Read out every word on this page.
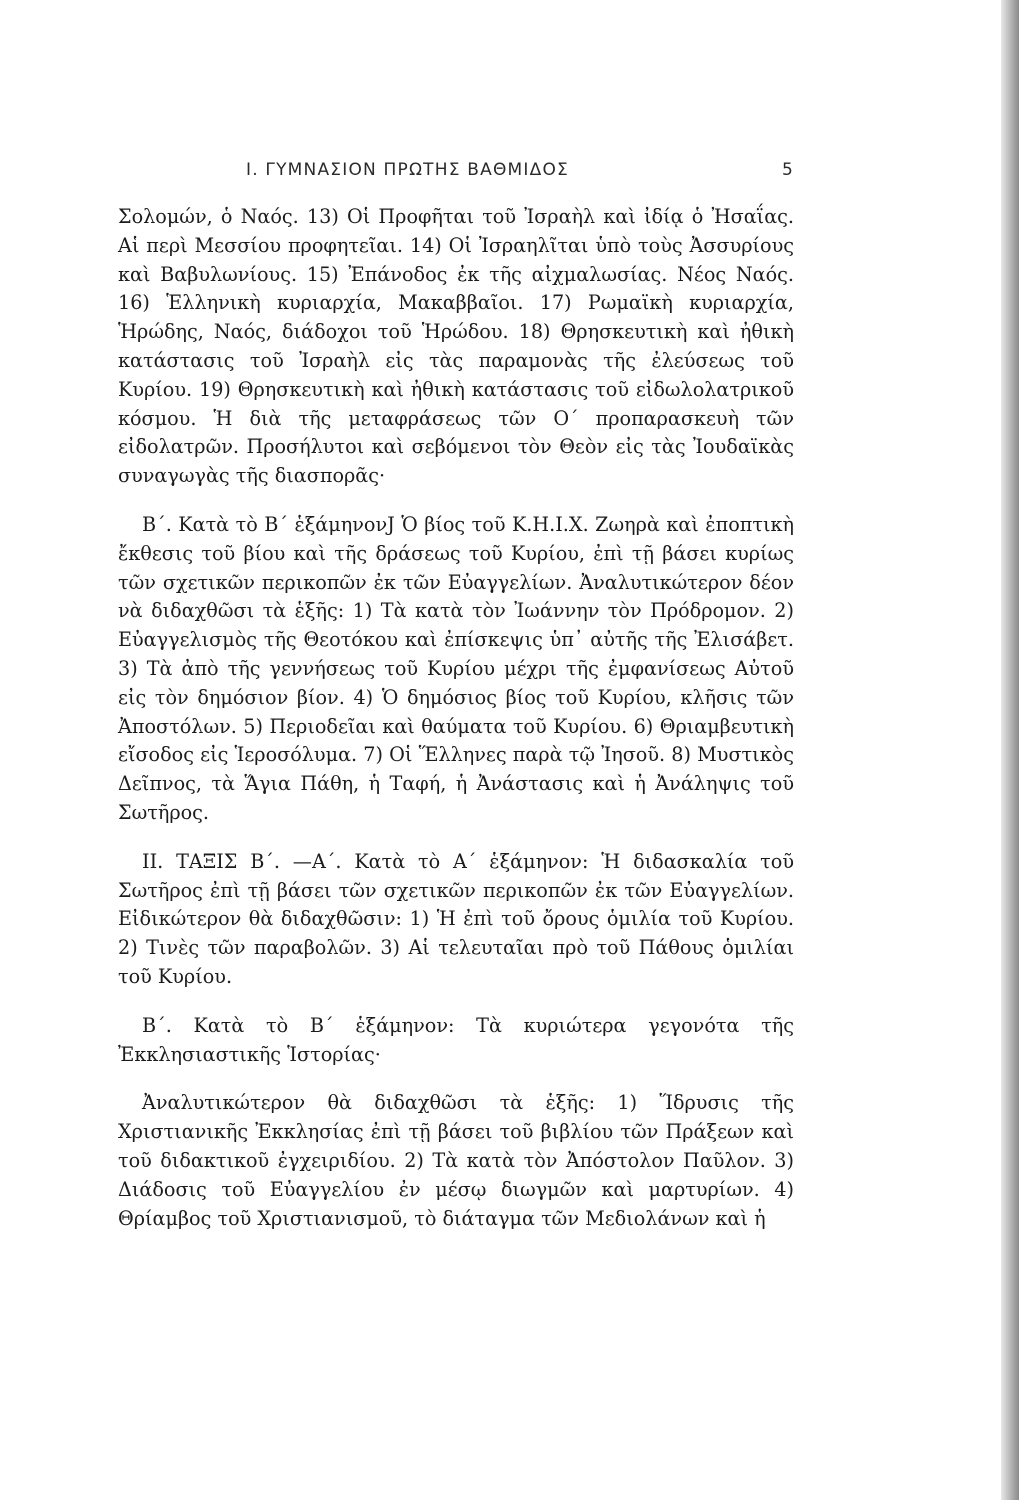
Ι. ΓΥΜΝΑΣΙΟΝ ΠΡΩΤΗΣ ΒΑΘΜΙΔΟΣ	5

Σολομών, ὁ Ναός. 13) Οἱ Προφῆται τοῦ Ἰσραὴλ καὶ ἰδίᾳ ὁ Ἠσαΐας. Αἱ περὶ Μεσσίου προφητεῖαι. 14) Οἱ Ἰσραηλῖται ὑπὸ τοὺς Ἀσσυρίους καὶ Βαβυλωνίους. 15) Ἐπάνοδος ἐκ τῆς αἰχμαλωσίας. Νέος Ναός. 16) Ἑλληνικὴ κυριαρχία, Μακαββαῖοι. 17) Ρωμαϊκὴ κυριαρχία, Ἡρώδης, Ναός, διάδοχοι τοῦ Ἡρώδου. 18) Θρησκευτικὴ καὶ ἠθικὴ κατάστασις τοῦ Ἰσραὴλ εἰς τὰς παραμονὰς τῆς ἐλεύσεως τοῦ Κυρίου. 19) Θρησκευτικὴ καὶ ἠθικὴ κατάστασις τοῦ εἰδωλολατρικοῦ κόσμου. Ἡ διὰ τῆς μεταφράσεως τῶν Ο΄ προπαρασκευὴ τῶν εἰδολατρῶν. Προσήλυτοι καὶ σεβόμενοι τὸν Θεὸν εἰς τὰς Ἰουδαϊκὰς συναγωγὰς τῆς διασπορᾶς·

Β΄. Κατὰ τὸ Β΄ ἑξάμηνονJ Ὁ βίος τοῦ Κ.Η.Ι.Χ. Ζωηρὰ καὶ ἐποπτικὴ ἔκθεσις τοῦ βίου καὶ τῆς δράσεως τοῦ Κυρίου, ἐπὶ τῇ βάσει κυρίως τῶν σχετικῶν περικοπῶν ἐκ τῶν Εὐαγγελίων. Ἀναλυτικώτερον δέον νὰ διδαχθῶσι τὰ ἑξῆς: 1) Τὰ κατὰ τὸν Ἰωάννην τὸν Πρόδρομον. 2) Εὐαγγελισμὸς τῆς Θεοτόκου καὶ ἐπίσκεψις ὑπ᾽ αὐτῆς τῆς Ἐλισάβετ. 3) Τὰ ἀπὸ τῆς γεννήσεως τοῦ Κυρίου μέχρι τῆς ἐμφανίσεως Αὐτοῦ εἰς τὸν δημόσιον βίον. 4) Ὁ δημόσιος βίος τοῦ Κυρίου, κλῆσις τῶν Ἀποστόλων. 5) Περιοδεῖαι καὶ θαύματα τοῦ Κυρίου. 6) Θριαμβευτικὴ εἴσοδος εἰς Ἱεροσόλυμα. 7) Οἱ Ἕλληνες παρὰ τῷ Ἰησοῦ. 8) Μυστικὸς Δεῖπνος, τὰ Ἅγια Πάθη, ἡ Ταφή, ἡ Ἀνάστασις καὶ ἡ Ἀνάληψις τοῦ Σωτῆρος.

ΙΙ. ΤΑΞΙΣ Β΄. —Α΄. Κατὰ τὸ Α΄ ἑξάμηνον: Ἡ διδασκαλία τοῦ Σωτῆρος ἐπὶ τῇ βάσει τῶν σχετικῶν περικοπῶν ἐκ τῶν Εὐαγγελίων. Εἰδικώτερον θὰ διδαχθῶσιν: 1) Ἡ ἐπὶ τοῦ ὄρους ὁμιλία τοῦ Κυρίου. 2) Τινὲς τῶν παραβολῶν. 3) Αἱ τελευταῖαι πρὸ τοῦ Πάθους ὁμιλίαι τοῦ Κυρίου.

Β΄. Κατὰ τὸ Β΄ ἑξάμηνον: Τὰ κυριώτερα γεγονότα τῆς Ἐκκλησιαστικῆς Ἱστορίας·

Ἀναλυτικώτερον θὰ διδαχθῶσι τὰ ἑξῆς: 1) Ἵδρυσις τῆς Χριστιανικῆς Ἐκκλησίας ἐπὶ τῇ βάσει τοῦ βιβλίου τῶν Πράξεων καὶ τοῦ διδακτικοῦ ἐγχειριδίου. 2) Τὰ κατὰ τὸν Ἀπόστολον Παῦλον. 3) Διάδοσις τοῦ Εὐαγγελίου ἐν μέσῳ διωγμῶν καὶ μαρτυρίων. 4) Θρίαμβος τοῦ Χριστιανισμοῦ, τὸ διάταγμα τῶν Μεδιολάνων καὶ ἡ
